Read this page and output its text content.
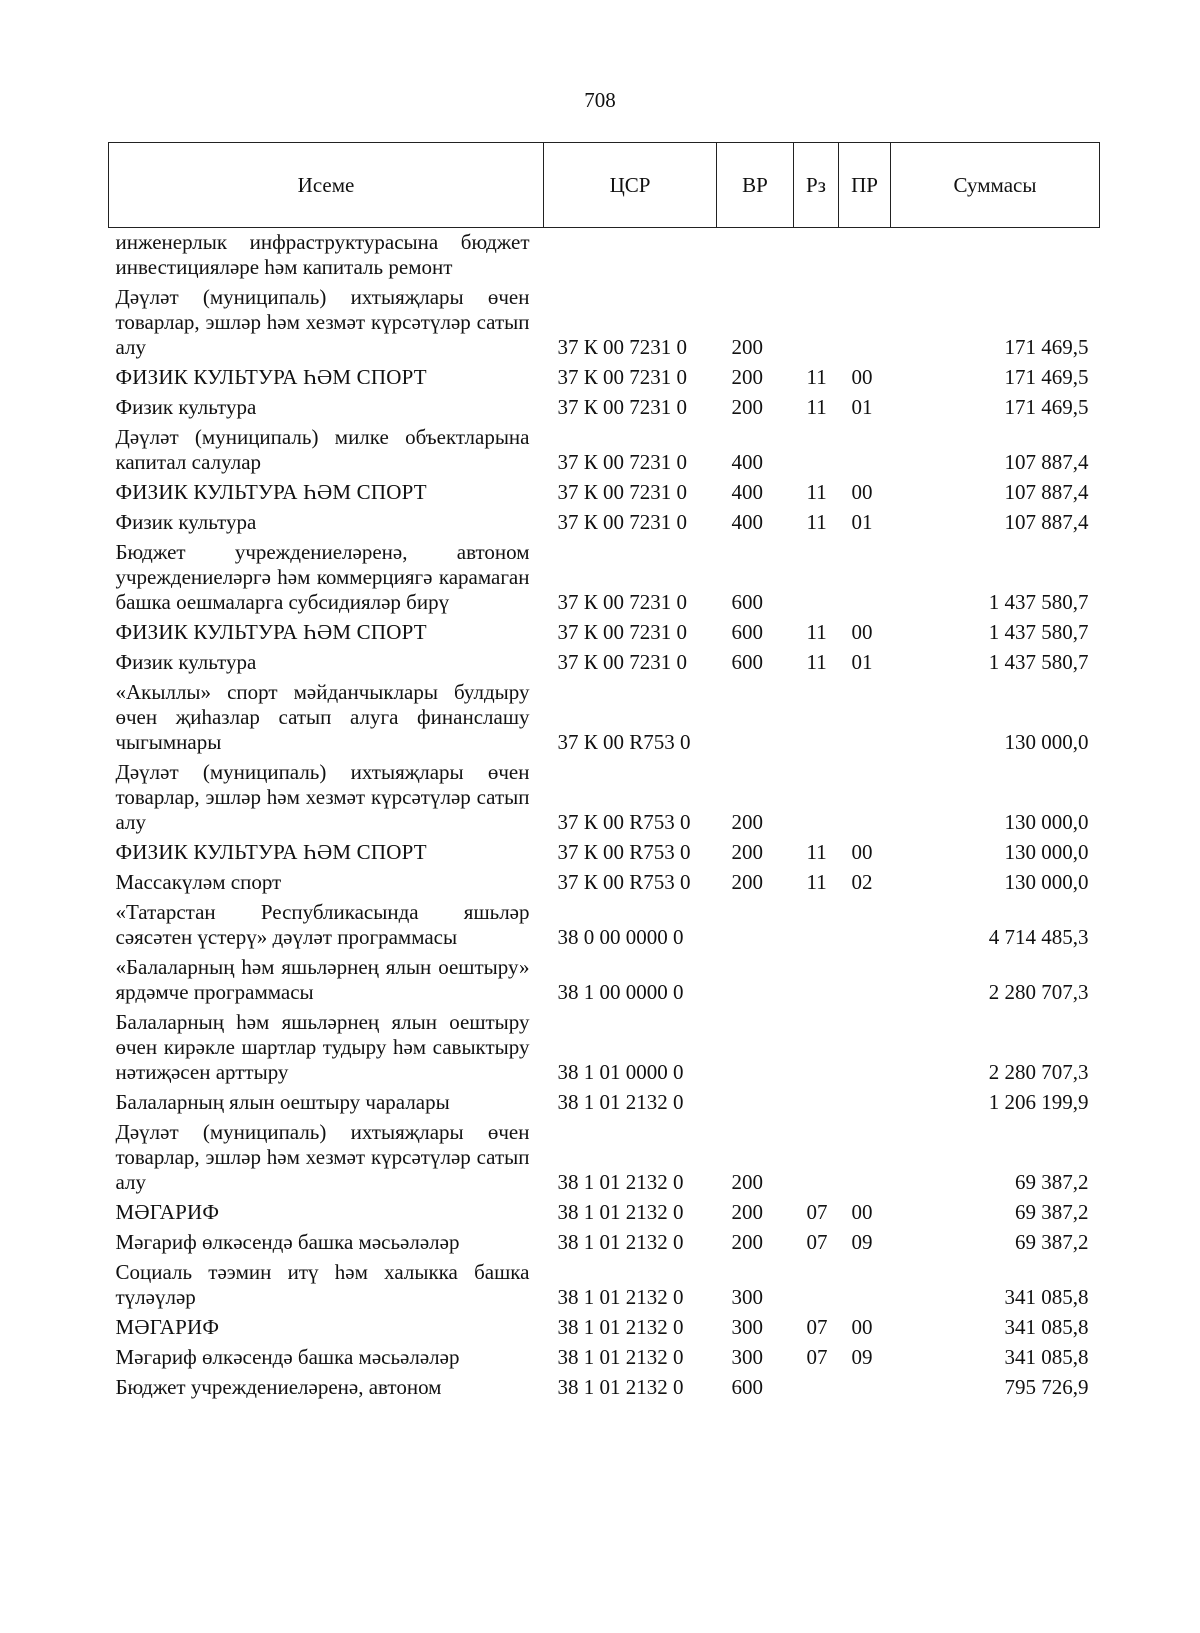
708
Исеме	ЦСР	ВР	Рз	ПР	Суммасы
инженерлык инфраструктурасына бюджет инвестицияләре һәм капиталь ремонт					
Дәүләт (муниципаль) ихтыяҗлары өчен товарлар, эшләр һәм хезмәт күрсәтүләр сатып алу	37 К 00 7231 0	200			171 469,5
ФИЗИК КУЛЬТУРА ҺӘМ СПОРТ	37 К 00 7231 0	200	11	00	171 469,5
Физик культура	37 К 00 7231 0	200	11	01	171 469,5
Дәүләт (муниципаль) милке объектларына капитал салулар	37 К 00 7231 0	400			107 887,4
ФИЗИК КУЛЬТУРА ҺӘМ СПОРТ	37 К 00 7231 0	400	11	00	107 887,4
Физик культура	37 К 00 7231 0	400	11	01	107 887,4
Бюджет учреждениеләренә, автоном учреждениеләргә һәм коммерциягә карамаган башка оешмаларга субсидияләр бирү	37 К 00 7231 0	600			1 437 580,7
ФИЗИК КУЛЬТУРА ҺӘМ СПОРТ	37 К 00 7231 0	600	11	00	1 437 580,7
Физик культура	37 К 00 7231 0	600	11	01	1 437 580,7
«Акыллы» спорт мәйданчыклары булдыру өчен җиһазлар сатып алуга финанслашу чыгымнары	37 К 00 R753 0				130 000,0
Дәүләт (муниципаль) ихтыяҗлары өчен товарлар, эшләр һәм хезмәт күрсәтүләр сатып алу	37 К 00 R753 0	200			130 000,0
ФИЗИК КУЛЬТУРА ҺӘМ СПОРТ	37 К 00 R753 0	200	11	00	130 000,0
Массакүләм спорт	37 К 00 R753 0	200	11	02	130 000,0
«Татарстан Республикасында яшьләр сәясәтен үстерү» дәүләт программасы	38 0 00 0000 0				4 714 485,3
«Балаларның һәм яшьләрнең ялын оештыру» ярдәмче программасы	38 1 00 0000 0				2 280 707,3
Балаларның һәм яшьләрнең ялын оештыру өчен кирәкле шартлар тудыру һәм савыктыру нәтиҗәсен арттыру	38 1 01 0000 0				2 280 707,3
Балаларның ялын оештыру чаралары	38 1 01 2132 0				1 206 199,9
Дәүләт (муниципаль) ихтыяҗлары өчен товарлар, эшләр һәм хезмәт күрсәтүләр сатып алу	38 1 01 2132 0	200			69 387,2
МӘГАРИФ	38 1 01 2132 0	200	07	00	69 387,2
Мәгариф өлкәсендә башка мәсьәләләр	38 1 01 2132 0	200	07	09	69 387,2
Социаль тәэмин итү һәм халыкка башка түләүләр	38 1 01 2132 0	300			341 085,8
МӘГАРИФ	38 1 01 2132 0	300	07	00	341 085,8
Мәгариф өлкәсендә башка мәсьәләләр	38 1 01 2132 0	300	07	09	341 085,8
Бюджет учреждениеләренә, автоном	38 1 01 2132 0	600			795 726,9
